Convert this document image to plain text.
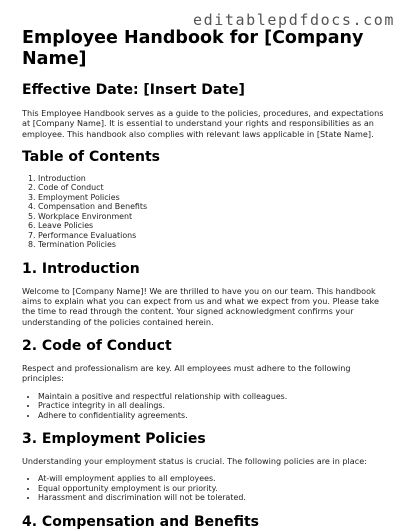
editablepdfdocs.com
Employee Handbook for [Company Name]
Effective Date: [Insert Date]

This Employee Handbook serves as a guide to the policies, procedures, and expectations at [Company Name]. It is essential to understand your rights and responsibilities as an employee. This handbook also complies with relevant laws applicable in [State Name].

Table of Contents
1. Introduction
2. Code of Conduct
3. Employment Policies
4. Compensation and Benefits
5. Workplace Environment
6. Leave Policies
7. Performance Evaluations
8. Termination Policies
1. Introduction

Welcome to [Company Name]! We are thrilled to have you on our team. This handbook aims to explain what you can expect from us and what we expect from you. Please take the time to read through the content. Your signed acknowledgment confirms your understanding of the policies contained herein.

2. Code of Conduct

Respect and professionalism are key. All employees must adhere to the following principles:

• Maintain a positive and respectful relationship with colleagues.
• Practice integrity in all dealings.
• Adhere to confidentiality agreements.
3. Employment Policies

Understanding your employment status is crucial. The following policies are in place:

• At-will employment applies to all employees.
• Equal opportunity employment is our priority.
• Harassment and discrimination will not be tolerated.
4. Compensation and Benefits
